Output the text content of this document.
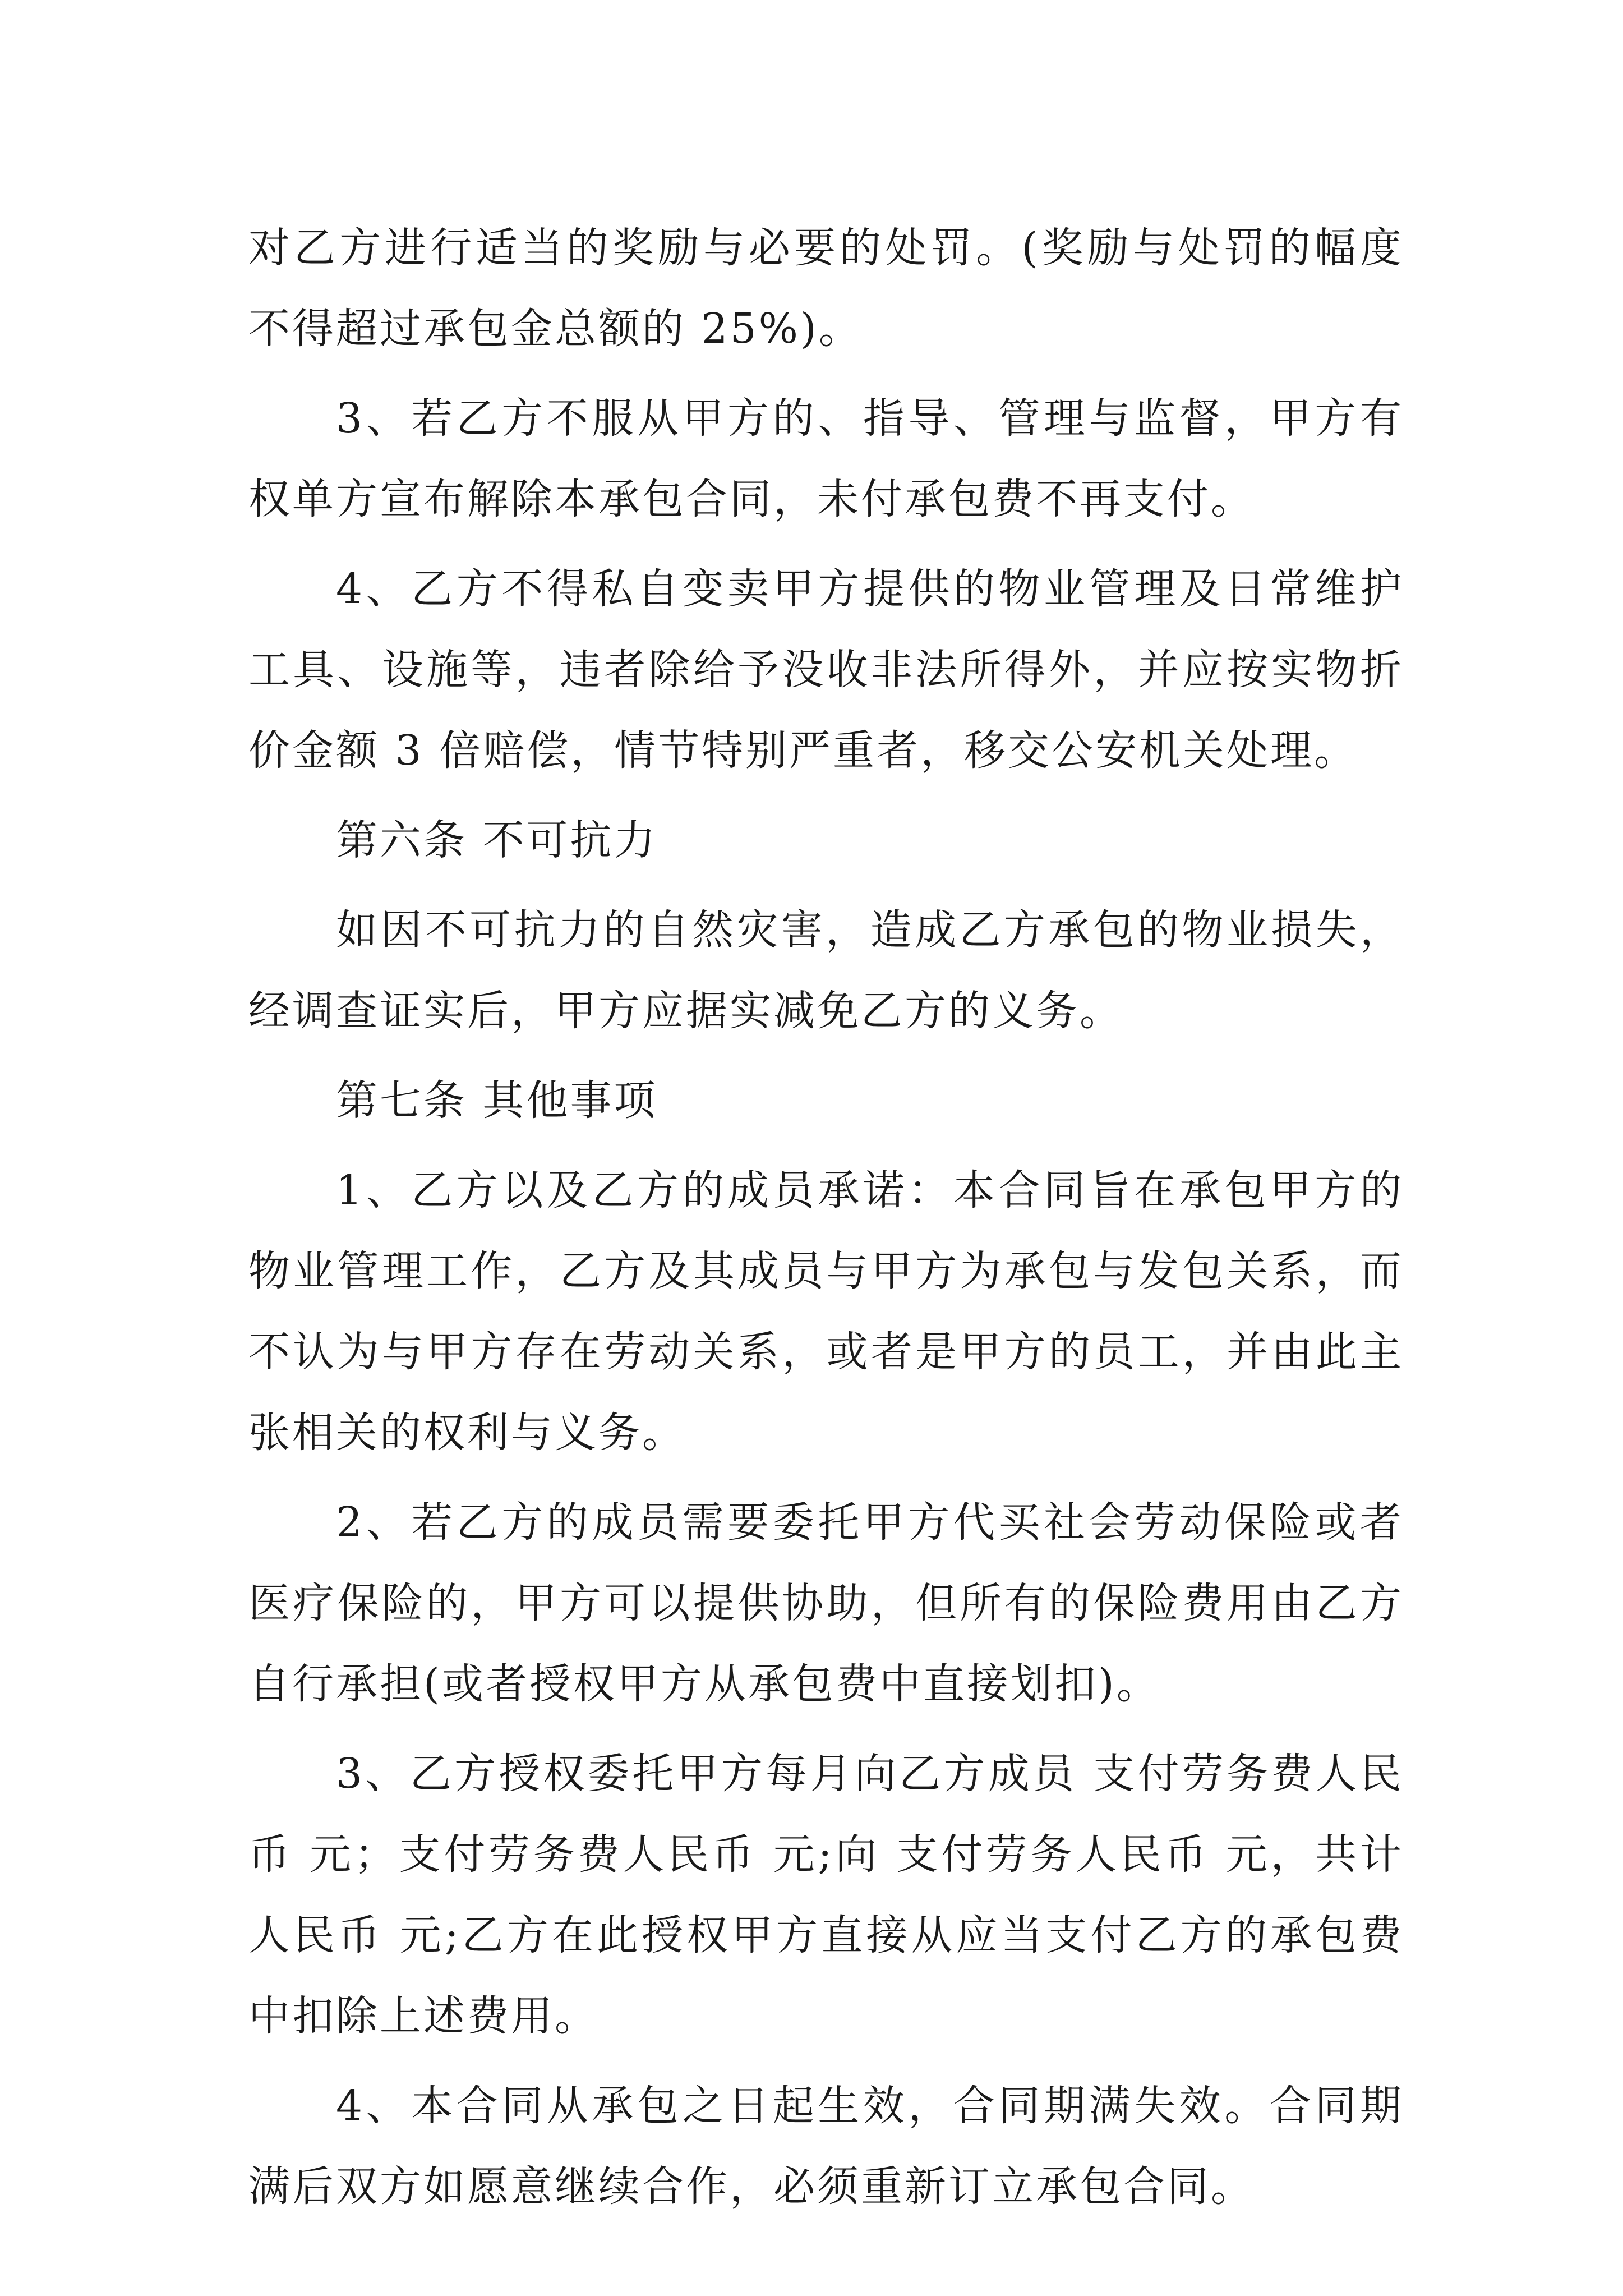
对乙方进行适当的奖励与必要的处罚。(奖励与处罚的幅度不得超过承包金总额的 25%)。

3、若乙方不服从甲方的、指导、管理与监督，甲方有权单方宣布解除本承包合同，未付承包费不再支付。

4、乙方不得私自变卖甲方提供的物业管理及日常维护工具、设施等，违者除给予没收非法所得外，并应按实物折价金额 3 倍赔偿，情节特别严重者，移交公安机关处理。

第六条 不可抗力

如因不可抗力的自然灾害，造成乙方承包的物业损失，经调查证实后，甲方应据实减免乙方的义务。

第七条 其他事项

1、乙方以及乙方的成员承诺：本合同旨在承包甲方的物业管理工作，乙方及其成员与甲方为承包与发包关系，而不认为与甲方存在劳动关系，或者是甲方的员工，并由此主张相关的权利与义务。

2、若乙方的成员需要委托甲方代买社会劳动保险或者医疗保险的，甲方可以提供协助，但所有的保险费用由乙方自行承担(或者授权甲方从承包费中直接划扣)。

3、乙方授权委托甲方每月向乙方成员 支付劳务费人民币 元；支付劳务费人民币 元;向 支付劳务人民币 元，共计人民币 元;乙方在此授权甲方直接从应当支付乙方的承包费中扣除上述费用。

4、本合同从承包之日起生效，合同期满失效。合同期满后双方如愿意继续合作，必须重新订立承包合同。
